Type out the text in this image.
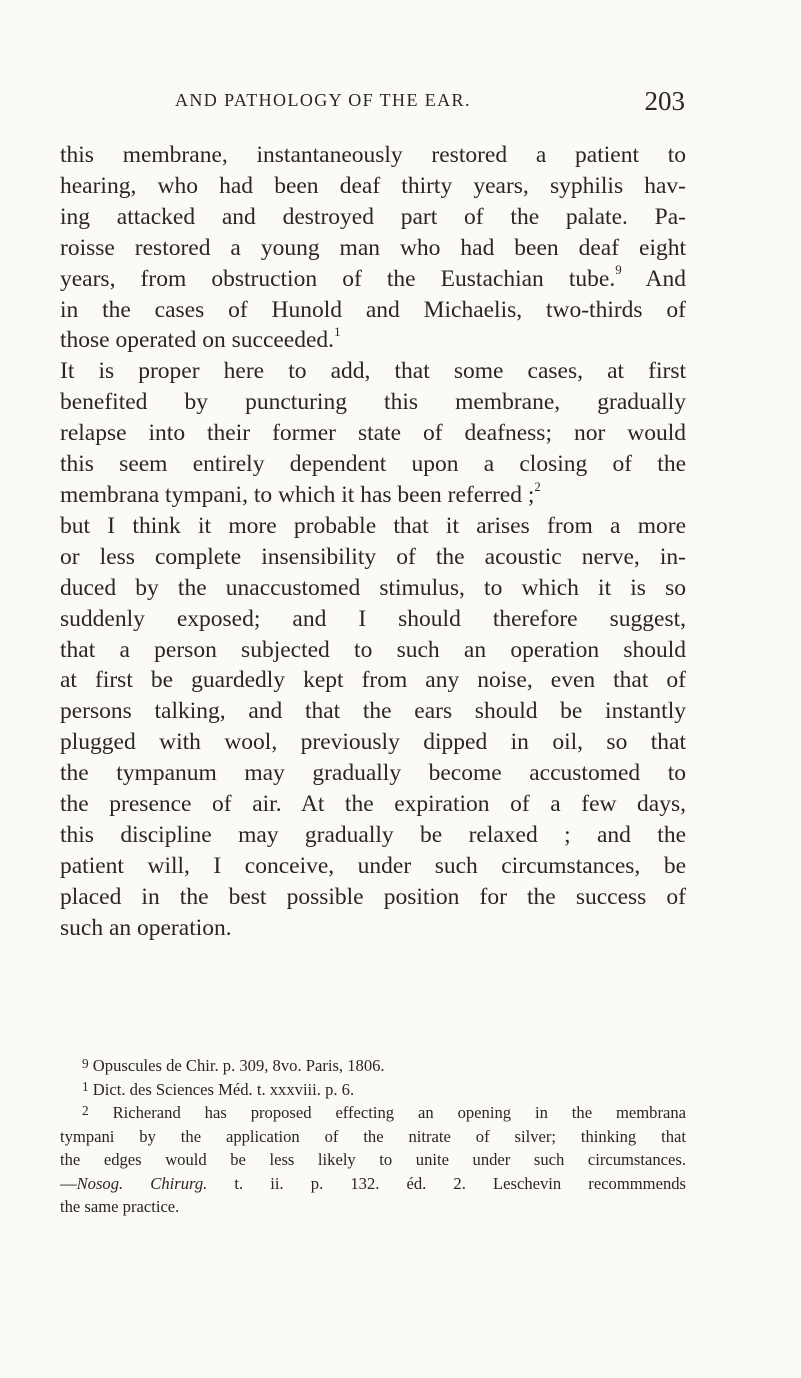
AND PATHOLOGY OF THE EAR.	203
this membrane, instantaneously restored a patient to
hearing, who had been deaf thirty years, syphilis hav-
ing attacked and destroyed part of the palate. Pa-
roisse restored a young man who had been deaf eight
years, from obstruction of the Eustachian tube.$^9$ And
in the cases of Hunold and Michaelis, two-thirds of
those operated on succeeded.$^1$
It is proper here to add, that some cases, at first
benefited by puncturing this membrane, gradually
relapse into their former state of deafness; nor would
this seem entirely dependent upon a closing of the
membrana tympani, to which it has been referred ;$^2$
but I think it more probable that it arises from a more
or less complete insensibility of the acoustic nerve, in-
duced by the unaccustomed stimulus, to which it is so
suddenly exposed; and I should therefore suggest,
that a person subjected to such an operation should
at first be guardedly kept from any noise, even that of
persons talking, and that the ears should be instantly
plugged with wool, previously dipped in oil, so that
the tympanum may gradually become accustomed to
the presence of air. At the expiration of a few days,
this discipline may gradually be relaxed ; and the
patient will, I conceive, under such circumstances, be
placed in the best possible position for the success of
such an operation.
$^9$ Opuscules de Chir. p. 309, 8vo. Paris, 1806.
$^1$ Dict. des Sciences Méd. t. xxxviii. p. 6.
$^2$ Richerand has proposed effecting an opening in the membrana
tympani by the application of the nitrate of silver; thinking that
the edges would be less likely to unite under such circumstances.
—Nosog. Chirurg. t. ii. p. 132. éd. 2. Leschevin recommmends
the same practice.
